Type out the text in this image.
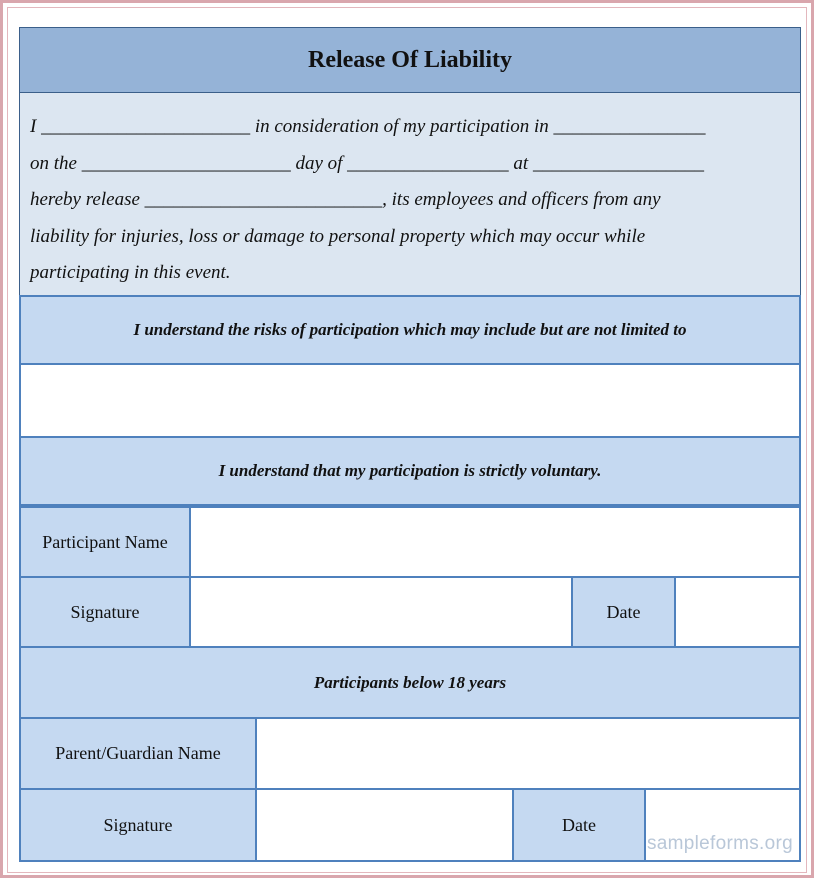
Release Of Liability
I ______________________ in consideration of my participation in ________________
on the ______________________ day of _________________ at __________________
hereby release _________________________, its employees and officers from any
liability for injuries, loss or damage to personal property which may occur while
participating in this event.
I understand the risks of participation which may include but are not limited to
I understand that my participation is strictly voluntary.
Participant Name
Signature	Date
Participants below 18 years
Parent/Guardian Name
Signature	Date
sampleforms.org
